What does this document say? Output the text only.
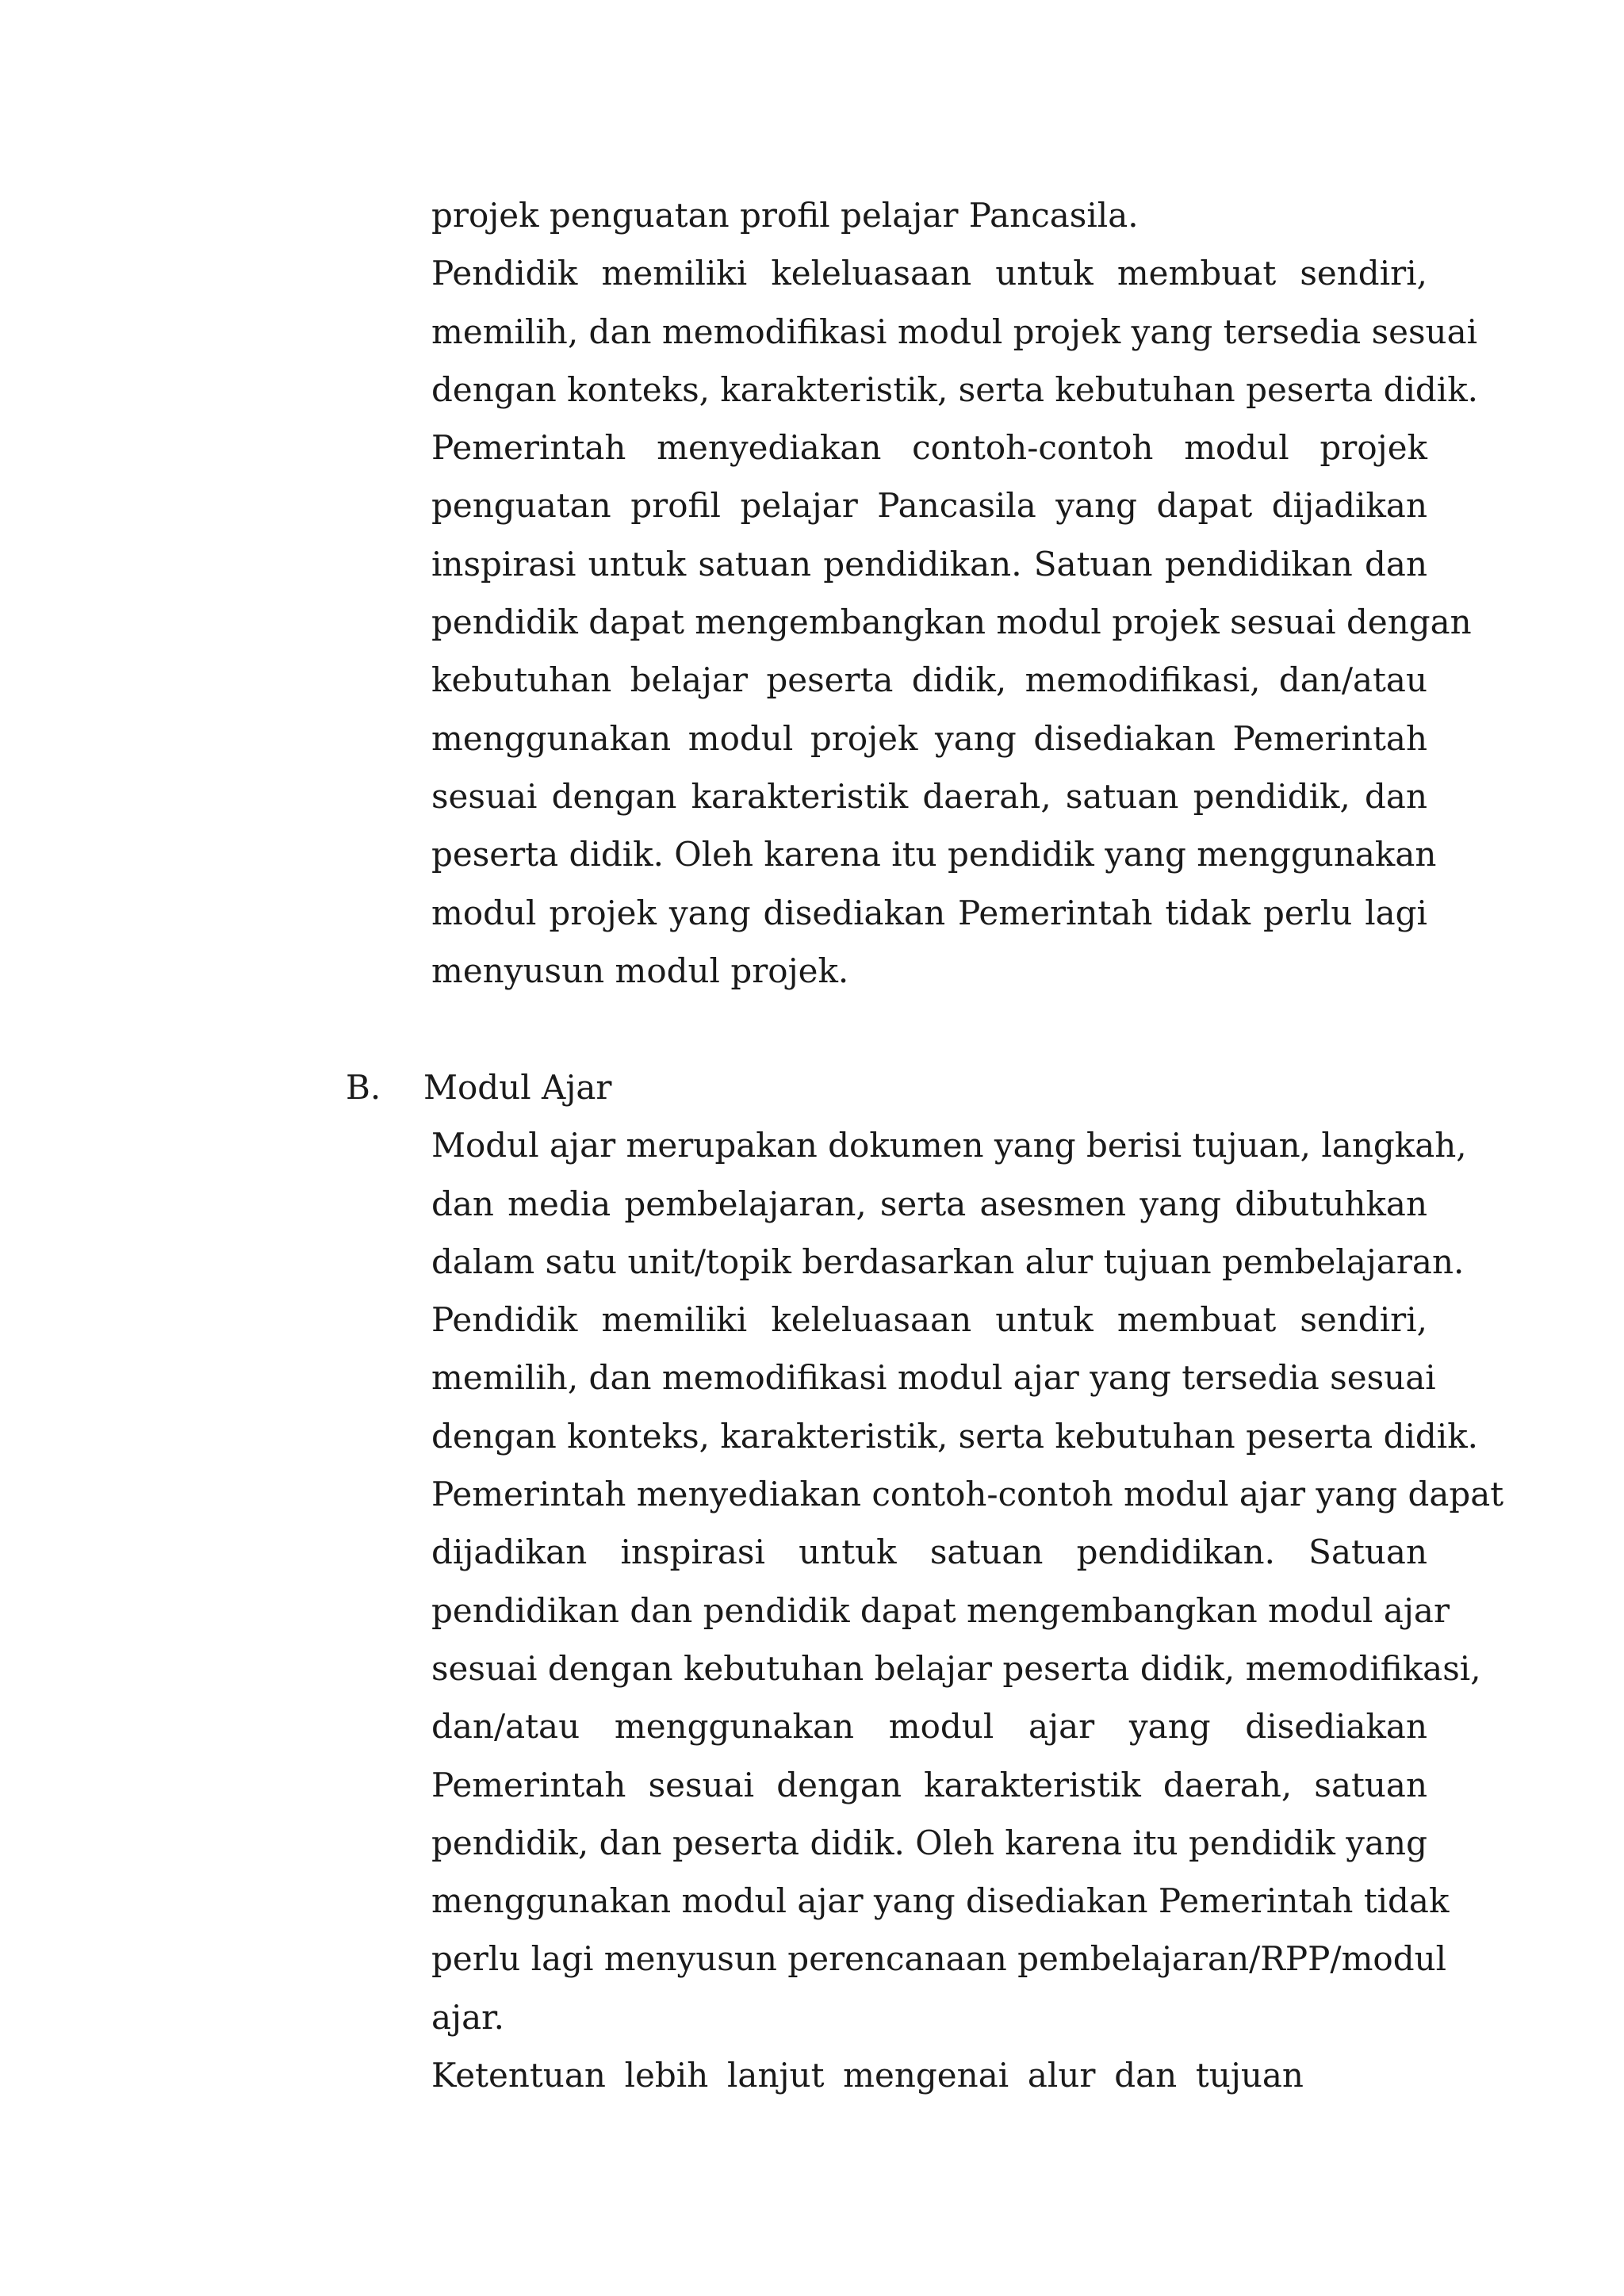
projek penguatan profil pelajar Pancasila.
Pendidik memiliki keleluasaan untuk membuat sendiri,
memilih, dan memodifikasi modul projek yang tersedia sesuai
dengan konteks, karakteristik, serta kebutuhan peserta didik.
Pemerintah menyediakan contoh-contoh modul projek
penguatan profil pelajar Pancasila yang dapat dijadikan
inspirasi untuk satuan pendidikan. Satuan pendidikan dan
pendidik dapat mengembangkan modul projek sesuai dengan
kebutuhan belajar peserta didik, memodifikasi, dan/atau
menggunakan modul projek yang disediakan Pemerintah
sesuai dengan karakteristik daerah, satuan pendidik, dan
peserta didik. Oleh karena itu pendidik yang menggunakan
modul projek yang disediakan Pemerintah tidak perlu lagi
menyusun modul projek.
B. Modul Ajar
Modul ajar merupakan dokumen yang berisi tujuan, langkah,
dan media pembelajaran, serta asesmen yang dibutuhkan
dalam satu unit/topik berdasarkan alur tujuan pembelajaran.
Pendidik memiliki keleluasaan untuk membuat sendiri,
memilih, dan memodifikasi modul ajar yang tersedia sesuai
dengan konteks, karakteristik, serta kebutuhan peserta didik.
Pemerintah menyediakan contoh-contoh modul ajar yang dapat
dijadikan inspirasi untuk satuan pendidikan. Satuan
pendidikan dan pendidik dapat mengembangkan modul ajar
sesuai dengan kebutuhan belajar peserta didik, memodifikasi,
dan/atau menggunakan modul ajar yang disediakan
Pemerintah sesuai dengan karakteristik daerah, satuan
pendidik, dan peserta didik. Oleh karena itu pendidik yang
menggunakan modul ajar yang disediakan Pemerintah tidak
perlu lagi menyusun perencanaan pembelajaran/RPP/modul
ajar.
Ketentuan lebih lanjut mengenai alur dan tujuan
